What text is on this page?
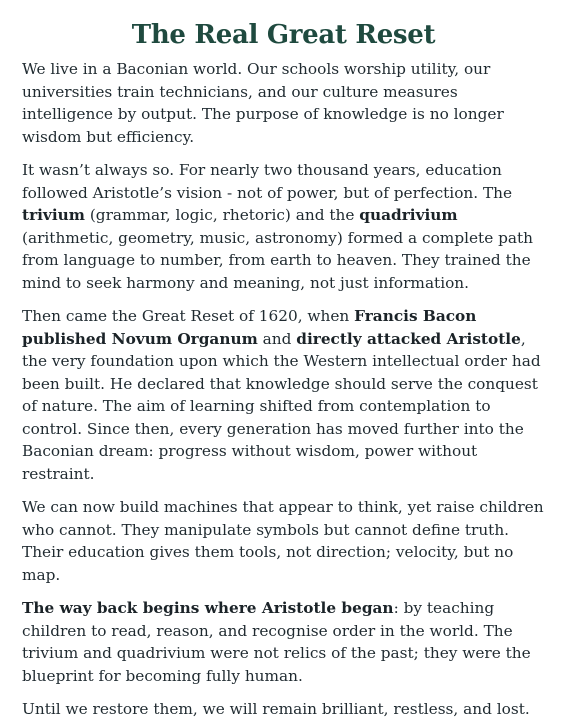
The Real Great Reset

We live in a Baconian world. Our schools worship utility, our universities train technicians, and our culture measures intelligence by output. The purpose of knowledge is no longer wisdom but efficiency.

It wasn’t always so. For nearly two thousand years, education followed Aristotle’s vision - not of power, but of perfection. The trivium (grammar, logic, rhetoric) and the quadrivium (arithmetic, geometry, music, astronomy) formed a complete path from language to number, from earth to heaven. They trained the mind to seek harmony and meaning, not just information.

Then came the Great Reset of 1620, when Francis Bacon published Novum Organum and directly attacked Aristotle, the very foundation upon which the Western intellectual order had been built. He declared that knowledge should serve the conquest of nature. The aim of learning shifted from contemplation to control. Since then, every generation has moved further into the Baconian dream: progress without wisdom, power without restraint.

We can now build machines that appear to think, yet raise children who cannot. They manipulate symbols but cannot define truth. Their education gives them tools, not direction; velocity, but no map.

The way back begins where Aristotle began: by teaching children to read, reason, and recognise order in the world. The trivium and quadrivium were not relics of the past; they were the blueprint for becoming fully human.

Until we restore them, we will remain brilliant, restless, and lost.
